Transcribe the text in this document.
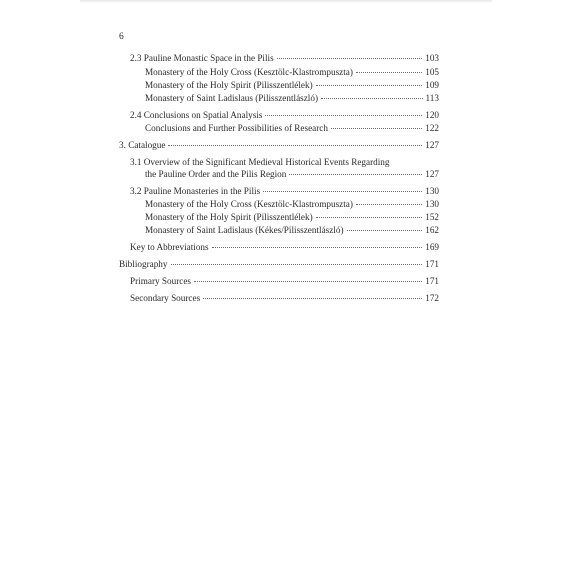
6
2.3 Pauline Monastic Space in the Pilis	103
Monastery of the Holy Cross (Kesztölc-Klastrompuszta)	105
Monastery of the Holy Spirit (Pilisszentlélek)	109
Monastery of Saint Ladislaus (Pilisszentlászló)	113
2.4 Conclusions on Spatial Analysis	120
Conclusions and Further Possibilities of Research	122
3. Catalogue	127
3.1 Overview of the Significant Medieval Historical Events Regarding
the Pauline Order and the Pilis Region	127
3.2 Pauline Monasteries in the Pilis	130
Monastery of the Holy Cross (Kesztölc-Klastrompuszta)	130
Monastery of the Holy Spirit (Pilisszentlélek)	152
Monastery of Saint Ladislaus (Kékes/Pilisszentlászló)	162
Key to Abbreviations	169
Bibliography	171
Primary Sources	171
Secondary Sources	172
